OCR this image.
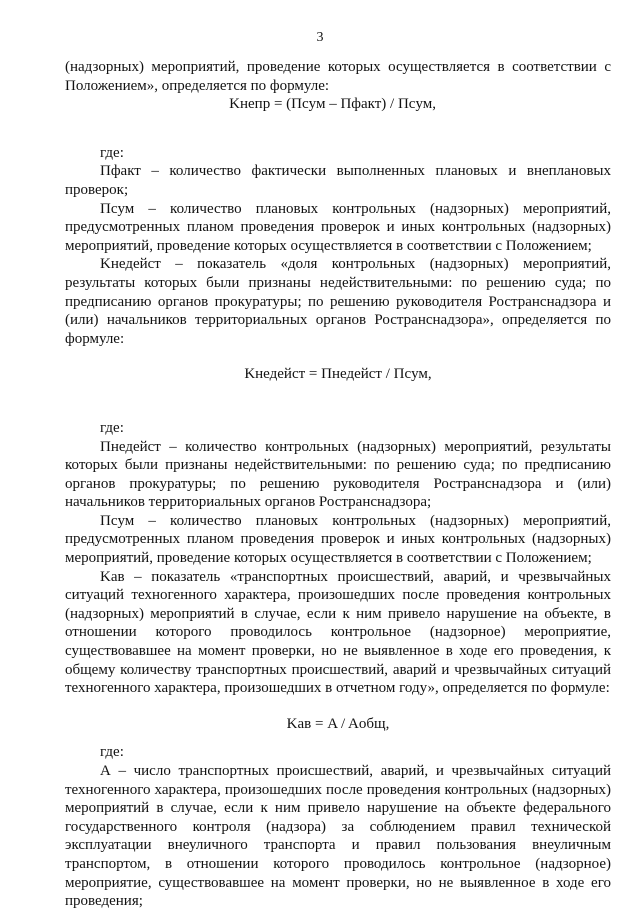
3

(надзорных) мероприятий, проведение которых осуществляется в соответствии с Положением», определяется по формуле:

Kнепр = (Пcум – Пфакт) / Пcум,

где:

Пфакт – количество фактически выполненных плановых и внеплановых проверок;

Пcум – количество плановых контрольных (надзорных) мероприятий, предусмотренных планом проведения проверок и иных контрольных (надзорных) мероприятий, проведение которых осуществляется в соответствии с Положением;

Kнедейст – показатель «доля контрольных (надзорных) мероприятий, результаты которых были признаны недействительными: по решению суда; по предписанию органов прокуратуры; по решению руководителя Ространснадзора и (или) начальников территориальных органов Ространснадзора», определяется по формуле:

Kнедейст = Пнедейст / Пcум,

где:

Пнедейст – количество контрольных (надзорных) мероприятий, результаты которых были признаны недействительными: по решению суда; по предписанию органов прокуратуры; по решению руководителя Ространснадзора и (или) начальников территориальных органов Ространснадзора;

Пcум – количество плановых контрольных (надзорных) мероприятий, предусмотренных планом проведения проверок и иных контрольных (надзорных) мероприятий, проведение которых осуществляется в соответствии с Положением;

Kав – показатель «транспортных происшествий, аварий, и чрезвычайных ситуаций техногенного характера, произошедших после проведения контрольных (надзорных) мероприятий в случае, если к ним привело нарушение на объекте, в отношении которого проводилось контрольное (надзорное) мероприятие, существовавшее на момент проверки, но не выявленное в ходе его проведения, к общему количеству транспортных происшествий, аварий и чрезвычайных ситуаций техногенного характера, произошедших в отчетном году», определяется по формуле:

Kав = A / Aобщ,

где:

А – число транспортных происшествий, аварий, и чрезвычайных ситуаций техногенного характера, произошедших после проведения контрольных (надзорных) мероприятий в случае, если к ним привело нарушение на объекте федерального государственного контроля (надзора) за соблюдением правил технической эксплуатации внеуличного транспорта и правил пользования внеуличным транспортом, в отношении которого проводилось контрольное (надзорное) мероприятие, существовавшее на момент проверки, но не выявленное в ходе его проведения;
